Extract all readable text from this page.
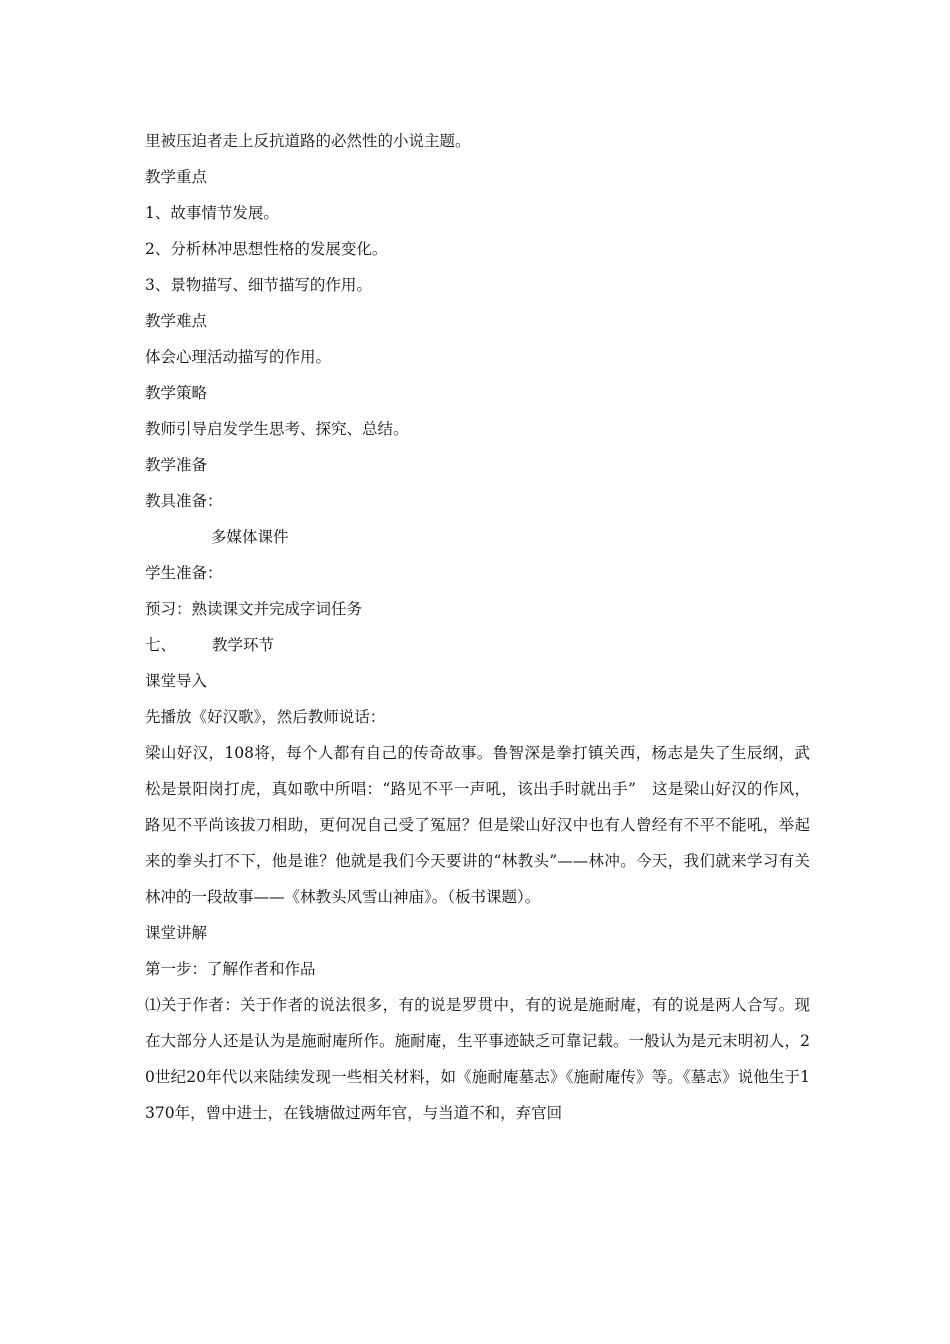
里被压迫者走上反抗道路的必然性的小说主题。
教学重点
1、故事情节发展。
2、分析林冲思想性格的发展变化。
3、景物描写、细节描写的作用。
教学难点
体会心理活动描写的作用。
教学策略
教师引导启发学生思考、探究、总结。
教学准备
教具准备：
多媒体课件
学生准备：
预习：熟读课文并完成字词任务
七、 教学环节
课堂导入
先播放《好汉歌》，然后教师说话：
梁山好汉，108将，每个人都有自己的传奇故事。鲁智深是拳打镇关西，杨志是失了生辰纲，武松是景阳岗打虎，真如歌中所唱：“路见不平一声吼，该出手时就出手”　这是梁山好汉的作风，路见不平尚该拔刀相助，更何况自己受了冤屈？但是梁山好汉中也有人曾经有不平不能吼，举起来的拳头打不下，他是谁？他就是我们今天要讲的“林教头”——林冲。今天，我们就来学习有关林冲的一段故事——《林教头风雪山神庙》。（板书课题）。
课堂讲解
第一步：了解作者和作品
⑴关于作者：关于作者的说法很多，有的说是罗贯中，有的说是施耐庵，有的说是两人合写。现在大部分人还是认为是施耐庵所作。施耐庵，生平事迹缺乏可靠记载。一般认为是元末明初人，20世纪20年代以来陆续发现一些相关材料，如《施耐庵墓志》《施耐庵传》等。《墓志》说他生于1370年，曾中进士，在钱塘做过两年官，与当道不和，弃官回
